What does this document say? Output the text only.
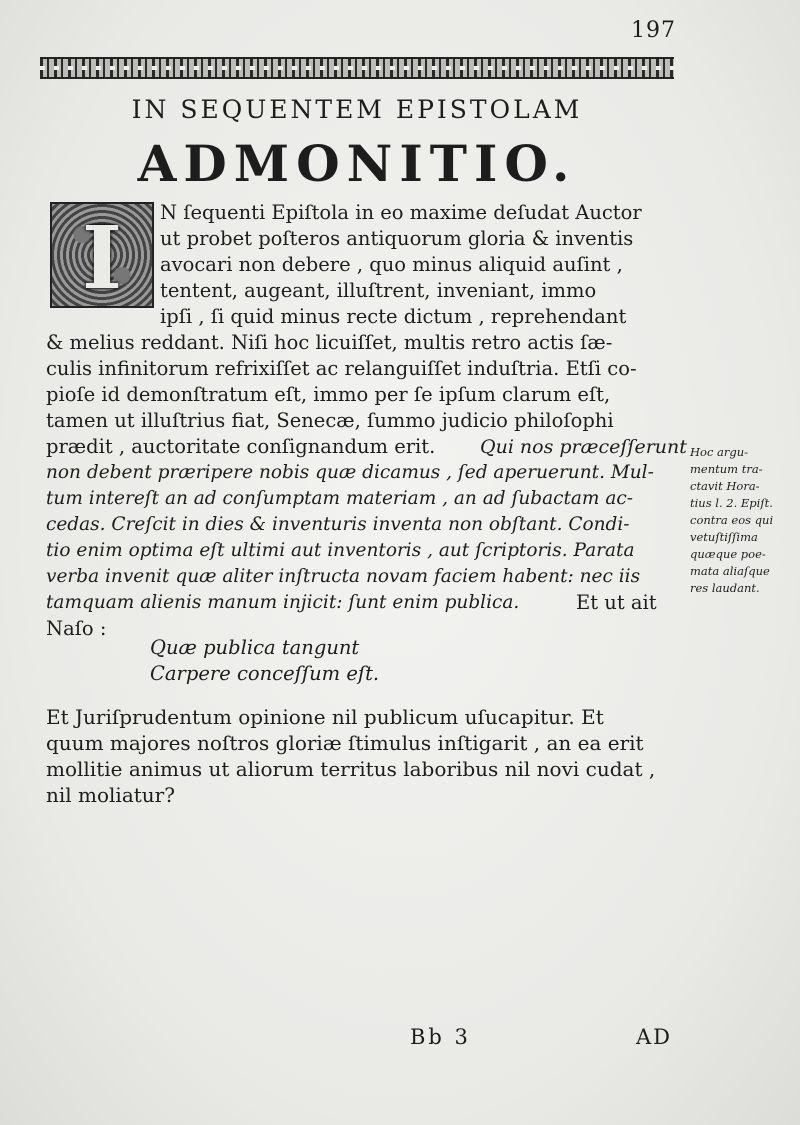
197
IN SEQUENTEM EPISTOLAM
ADMONITIO.
I	N ſequenti Epiſtola in eo maxime deſudat Auctor
ut probet poſteros antiquorum gloria & inventis
avocari non debere , quo minus aliquid auſint ,
tentent, augeant, illuſtrent, inveniant, immo
ipſi , ſi quid minus recte dictum , reprehendant
& melius reddant. Niſi hoc licuiſſet, multis retro actis ſæ-
culis infinitorum refrixiſſet ac relanguiſſet induſtria. Etſi co-
pioſe id demonſtratum eſt, immo per ſe ipſum clarum eſt,
tamen ut illuſtrius fiat, Senecæ, ſummo judicio philoſophi
prædit , auctoritate conſignandum erit. Qui nos præceſſerunt
non debent præripere nobis quæ dicamus , ſed aperuerunt. Mul-
tum intereſt an ad conſumptam materiam , an ad ſubactam ac-
cedas. Creſcit in dies & inventuris inventa non obſtant. Condi-
tio enim optima eſt ultimi aut inventoris , aut ſcriptoris. Parata
verba invenit quæ aliter inſtructa novam faciem habent: nec iis
tamquam alienis manum injicit: ſunt enim publica.	Et ut ait
Naſo :
Quæ publica tangunt
Carpere conceſſum eſt.
Et Juriſprudentum opinione nil publicum uſucapitur. Et
quum majores noſtros gloriæ ſtimulus inſtigarit , an ea erit
mollitie animus ut aliorum territus laboribus nil novi cudat ,
nil moliatur?
Hoc argu-
mentum tra-
ctavit Hora-
tius l. 2. Epiſt.
contra eos qui
vetuſtiſſima
quæque poe-
mata aliaſque
res laudant.
Bb 3	AD
